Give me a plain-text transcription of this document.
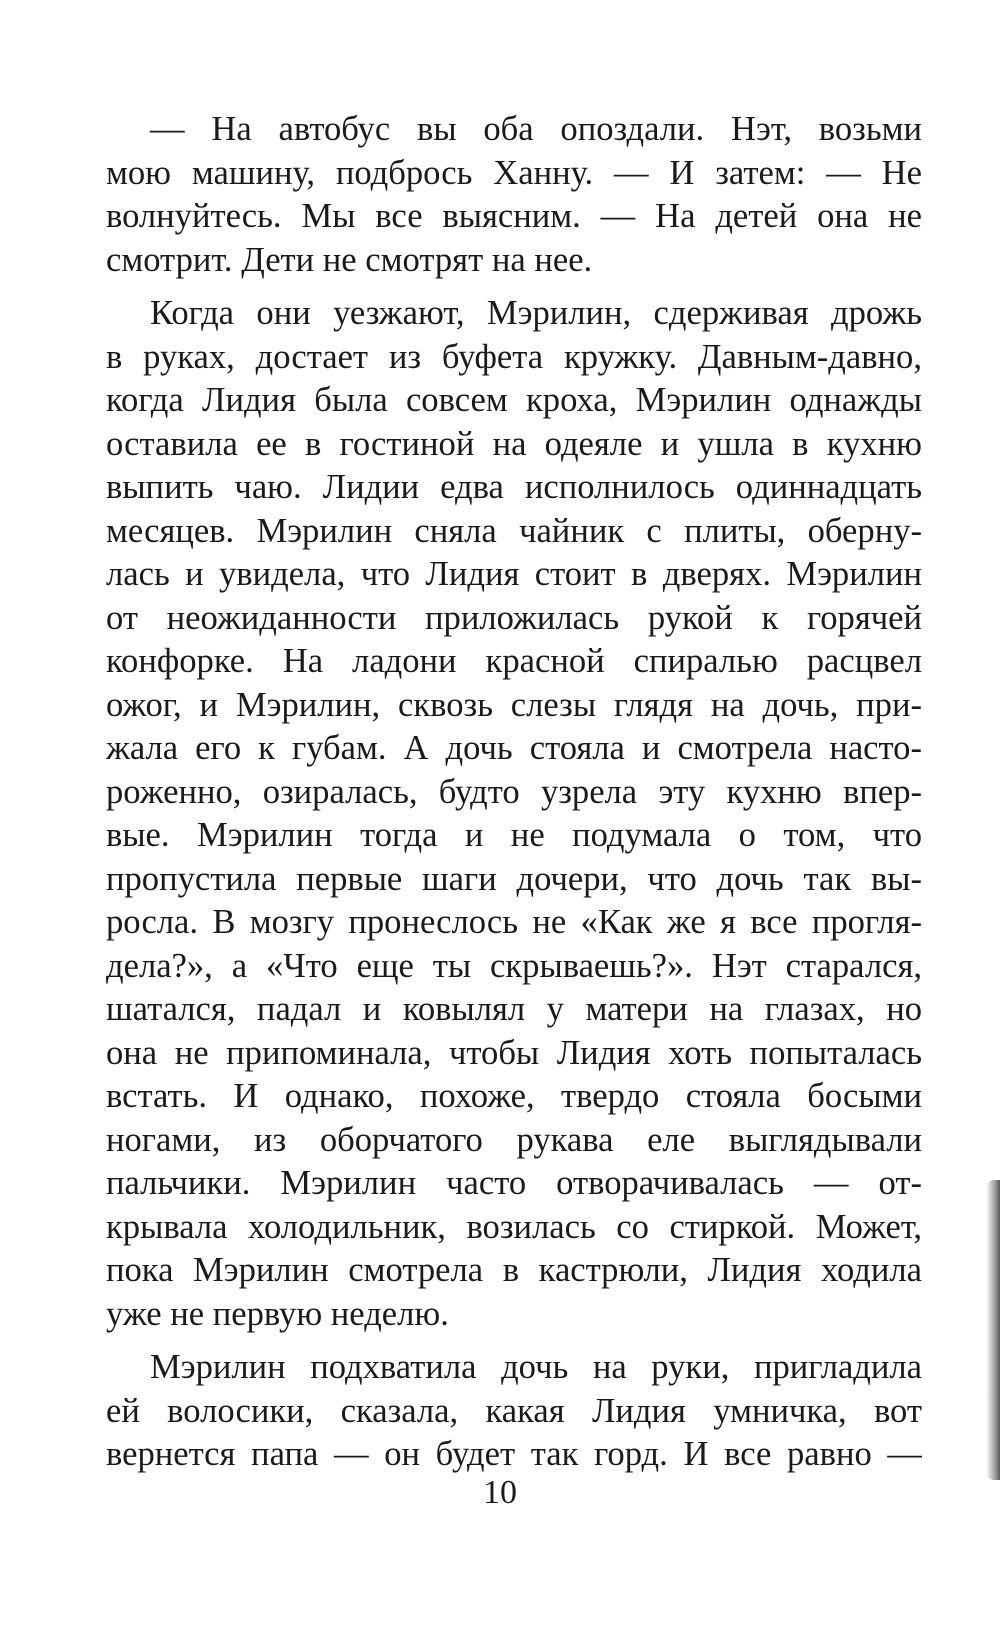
— На автобус вы оба опоздали. Нэт, возьми
мою машину, подбрось Ханну. — И затем: — Не
волнуйтесь. Мы все выясним. — На детей она не
смотрит. Дети не смотрят на нее.
Когда они уезжают, Мэрилин, сдерживая дрожь
в руках, достает из буфета кружку. Давным-давно,
когда Лидия была совсем кроха, Мэрилин однажды
оставила ее в гостиной на одеяле и ушла в кухню
выпить чаю. Лидии едва исполнилось одиннадцать
месяцев. Мэрилин сняла чайник с плиты, оберну-
лась и увидела, что Лидия стоит в дверях. Мэрилин
от неожиданности приложилась рукой к горячей
конфорке. На ладони красной спиралью расцвел
ожог, и Мэрилин, сквозь слезы глядя на дочь, при-
жала его к губам. А дочь стояла и смотрела насто-
роженно, озиралась, будто узрела эту кухню впер-
вые. Мэрилин тогда и не подумала о том, что
пропустила первые шаги дочери, что дочь так вы-
росла. В мозгу пронеслось не «Как же я все прогля-
дела?», а «Что еще ты скрываешь?». Нэт старался,
шатался, падал и ковылял у матери на глазах, но
она не припоминала, чтобы Лидия хоть попыталась
встать. И однако, похоже, твердо стояла босыми
ногами, из оборчатого рукава еле выглядывали
пальчики. Мэрилин часто отворачивалась — от-
крывала холодильник, возилась со стиркой. Может,
пока Мэрилин смотрела в кастрюли, Лидия ходила
уже не первую неделю.
Мэрилин подхватила дочь на руки, пригладила
ей волосики, сказала, какая Лидия умничка, вот
вернется папа — он будет так горд. И все равно —
10
